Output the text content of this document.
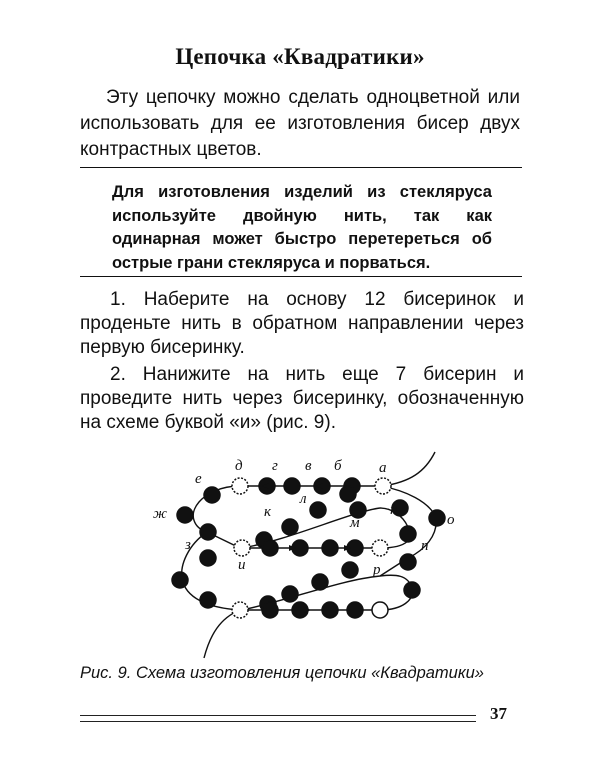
Цепочка «Квадратики»
Эту цепочку можно сделать одноцветной или использовать для ее изготовления бисер двух контрастных цветов.
Для изготовления изделий из стекляруса используйте двойную нить, так как одинарная может быстро перетереться об острые грани стекляруса и порваться.

1. Наберите на основу 12 бисеринок и проденьте нить в обратном направлении через первую бисеринку.

2. Нанижите на нить еще 7 бисерин и проведите нить через бисеринку, обозначенную на схеме буквой «и» (рис. 9).

а
б
в
г
д
е
ж
з
и
к
л
м
н
о
п
р
Рис. 9. Схема изготовления цепочки «Квадратики»
37
